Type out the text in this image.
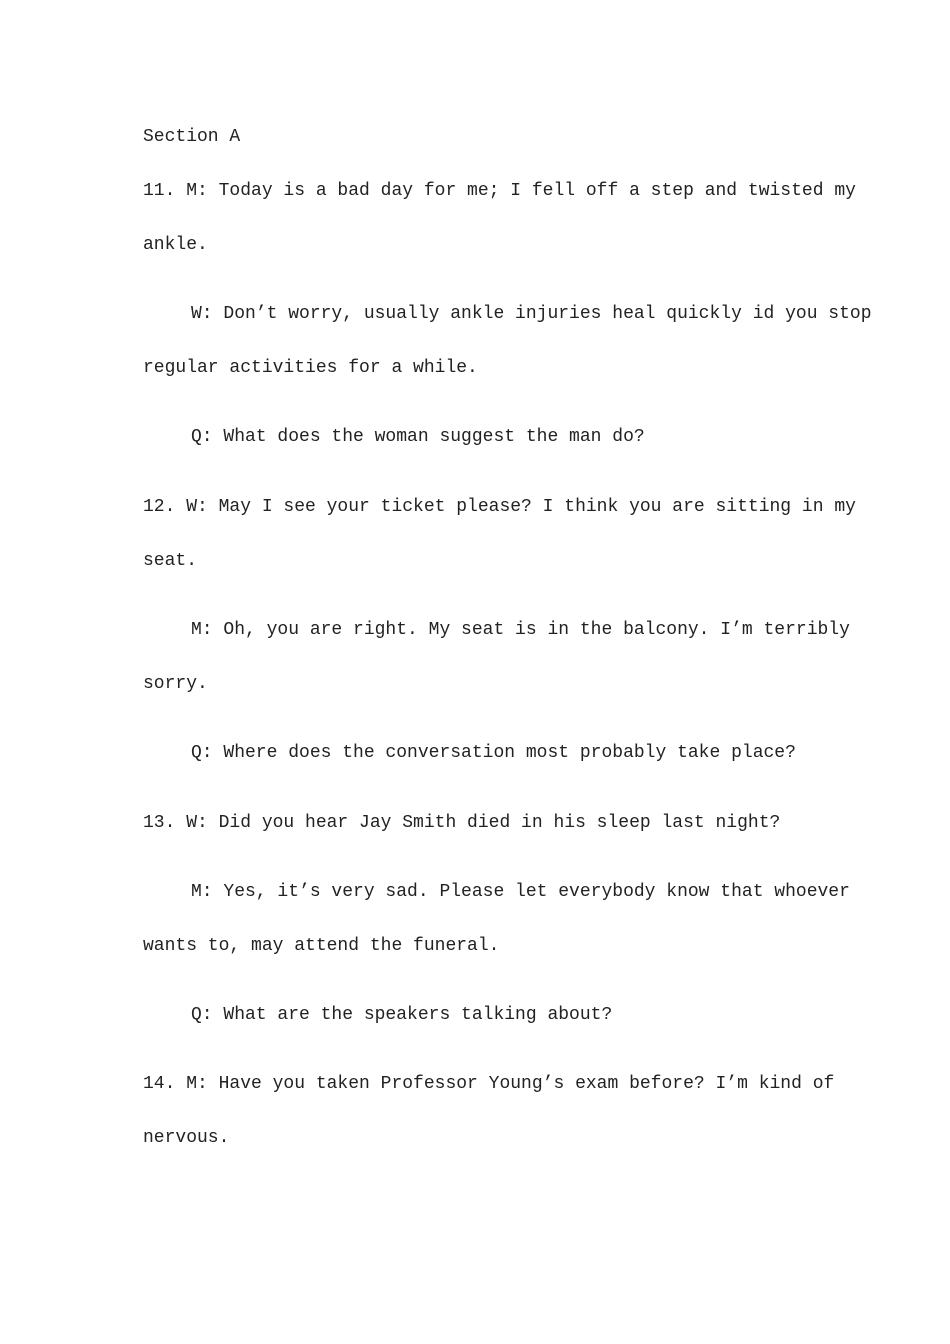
Section A

11. M: Today is a bad day for me; I fell off a step and twisted my

ankle.

W: Don’t worry, usually ankle injuries heal quickly id you stop

regular activities for a while.

Q: What does the woman suggest the man do?

12. W: May I see your ticket please? I think you are sitting in my

seat.

M: Oh, you are right. My seat is in the balcony. I’m terribly

sorry.

Q: Where does the conversation most probably take place?

13. W: Did you hear Jay Smith died in his sleep last night?

M: Yes, it’s very sad. Please let everybody know that whoever

wants to, may attend the funeral.

Q: What are the speakers talking about?

14. M: Have you taken Professor Young’s exam before? I’m kind of

nervous.
